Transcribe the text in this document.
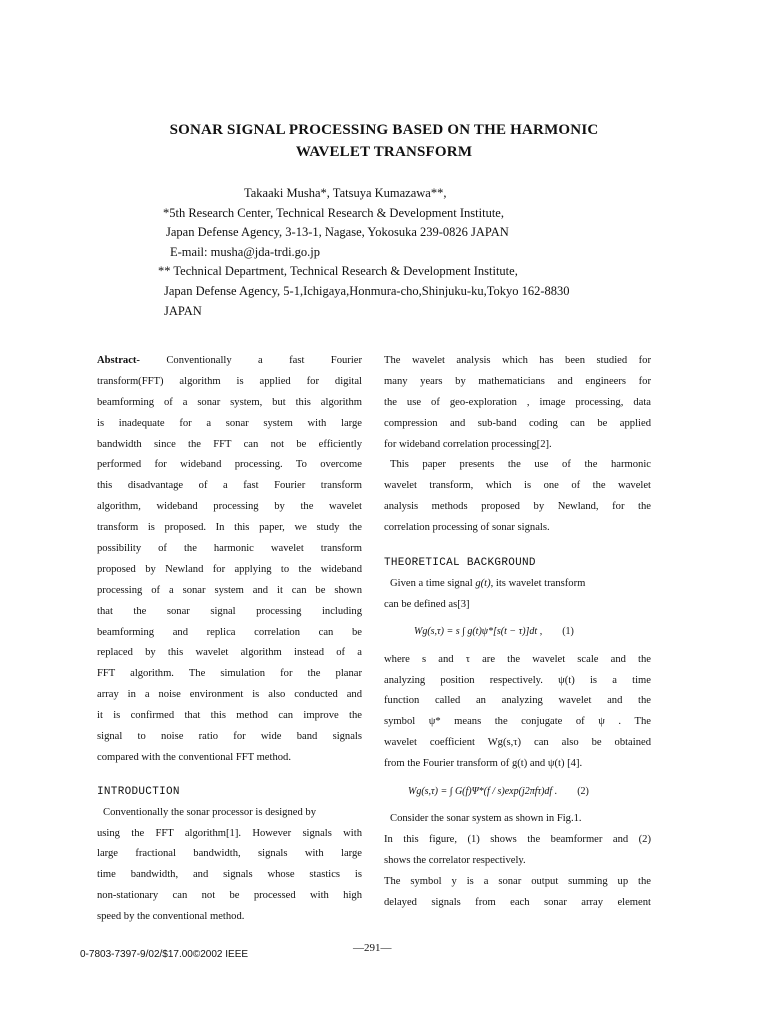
SONAR SIGNAL PROCESSING BASED ON THE HARMONIC
WAVELET TRANSFORM
Takaaki Musha*, Tatsuya Kumazawa**,
*5th Research Center, Technical Research & Development Institute,
Japan Defense Agency, 3-13-1, Nagase, Yokosuka 239-0826 JAPAN
E-mail: musha@jda-trdi.go.jp
** Technical Department, Technical Research & Development Institute,
Japan Defense Agency, 5-1,Ichigaya,Honmura-cho,Shinjuku-ku,Tokyo 162-8830
JAPAN
Abstract- Conventionally a fast Fourier
transform(FFT) algorithm is applied for digital
beamforming of a sonar system, but this algorithm
is inadequate for a sonar system with large
bandwidth since the FFT can not be efficiently
performed for wideband processing. To overcome
this disadvantage of a fast Fourier transform
algorithm, wideband processing by the wavelet
transform is proposed. In this paper, we study the
possibility of the harmonic wavelet transform
proposed by Newland for applying to the wideband
processing of a sonar system and it can be shown
that the sonar signal processing including
beamforming and replica correlation can be
replaced by this wavelet algorithm instead of a
FFT algorithm. The simulation for the planar
array in a noise environment is also conducted and
it is confirmed that this method can improve the
signal to noise ratio for wide band signals
compared with the conventional FFT method.
INTRODUCTION
Conventionally the sonar processor is designed by
using the FFT algorithm[1]. However signals with
large fractional bandwidth, signals with large
time bandwidth, and signals whose stastics is
non-stationary can not be processed with high
speed by the conventional method.
The wavelet analysis which has been studied for
many years by mathematicians and engineers for
the use of geo-exploration , image processing, data
compression and sub-band coding can be applied
for wideband correlation processing[2].
This paper presents the use of the harmonic
wavelet transform, which is one of the wavelet
analysis methods proposed by Newland, for the
correlation processing of sonar signals.
THEORETICAL BACKGROUND
Given a time signal g(t), its wavelet transform
can be defined as[3]
Wg(s,τ) = s ∫ g(t)ψ*[s(t − τ)]dt , (1)
where s and τ are the wavelet scale and the
analyzing position respectively. ψ(t) is a time
function called an analyzing wavelet and the
symbol ψ* means the conjugate of ψ . The
wavelet coefficient Wg(s,τ) can also be obtained
from the Fourier transform of g(t) and ψ(t) [4].
Wg(s,τ) = ∫ G(f)Ψ*(f / s)exp(j2πfτ)df . (2)
Consider the sonar system as shown in Fig.1.
In this figure, (1) shows the beamformer and (2)
shows the correlator respectively.
The symbol y is a sonar output summing up the
delayed signals from each sonar array element
0-7803-7397-9/02/$17.00©2002 IEEE
—291—
